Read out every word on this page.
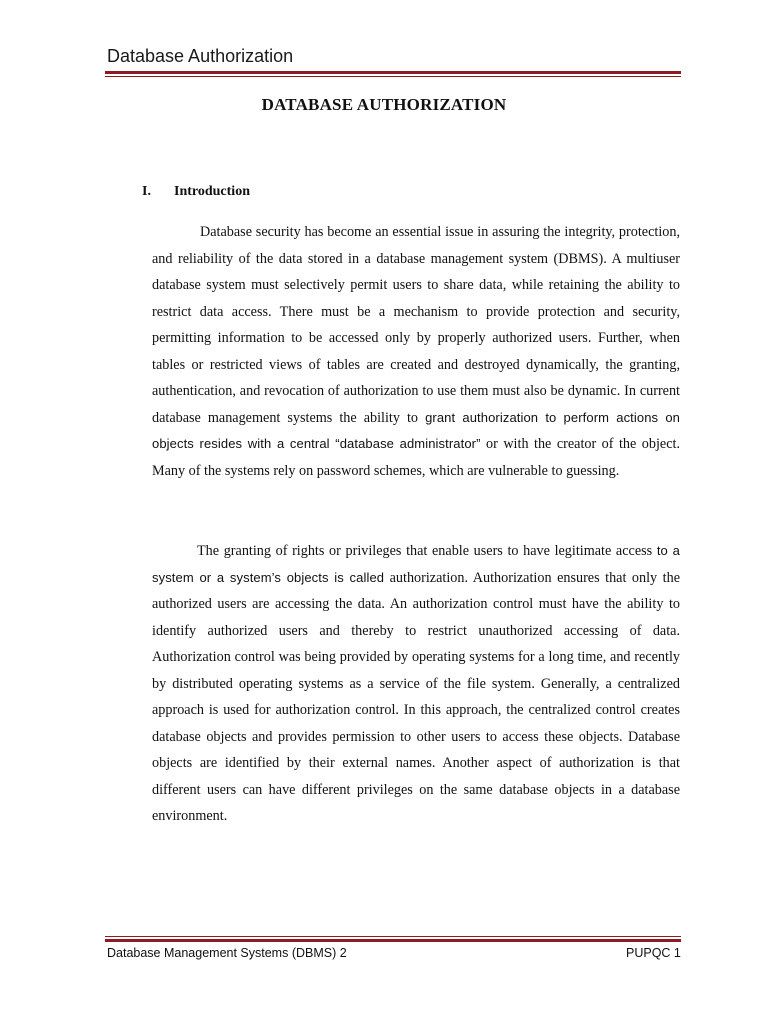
Database Authorization
DATABASE AUTHORIZATION
I. Introduction

Database security has become an essential issue in assuring the integrity, protection, and reliability of the data stored in a database management system (DBMS). A multiuser database system must selectively permit users to share data, while retaining the ability to restrict data access. There must be a mechanism to provide protection and security, permitting information to be accessed only by properly authorized users. Further, when tables or restricted views of tables are created and destroyed dynamically, the granting, authentication, and revocation of authorization to use them must also be dynamic. In current database management systems the ability to grant authorization to perform actions on objects resides with a central “database administrator” or with the creator of the object. Many of the systems rely on password schemes, which are vulnerable to guessing.

The granting of rights or privileges that enable users to have legitimate access to a system or a system’s objects is called authorization. Authorization ensures that only the authorized users are accessing the data. An authorization control must have the ability to identify authorized users and thereby to restrict unauthorized accessing of data. Authorization control was being provided by operating systems for a long time, and recently by distributed operating systems as a service of the file system. Generally, a centralized approach is used for authorization control. In this approach, the centralized control creates database objects and provides permission to other users to access these objects. Database objects are identified by their external names. Another aspect of authorization is that different users can have different privileges on the same database objects in a database environment.

Database Management Systems (DBMS) 2	PUPQC 1
